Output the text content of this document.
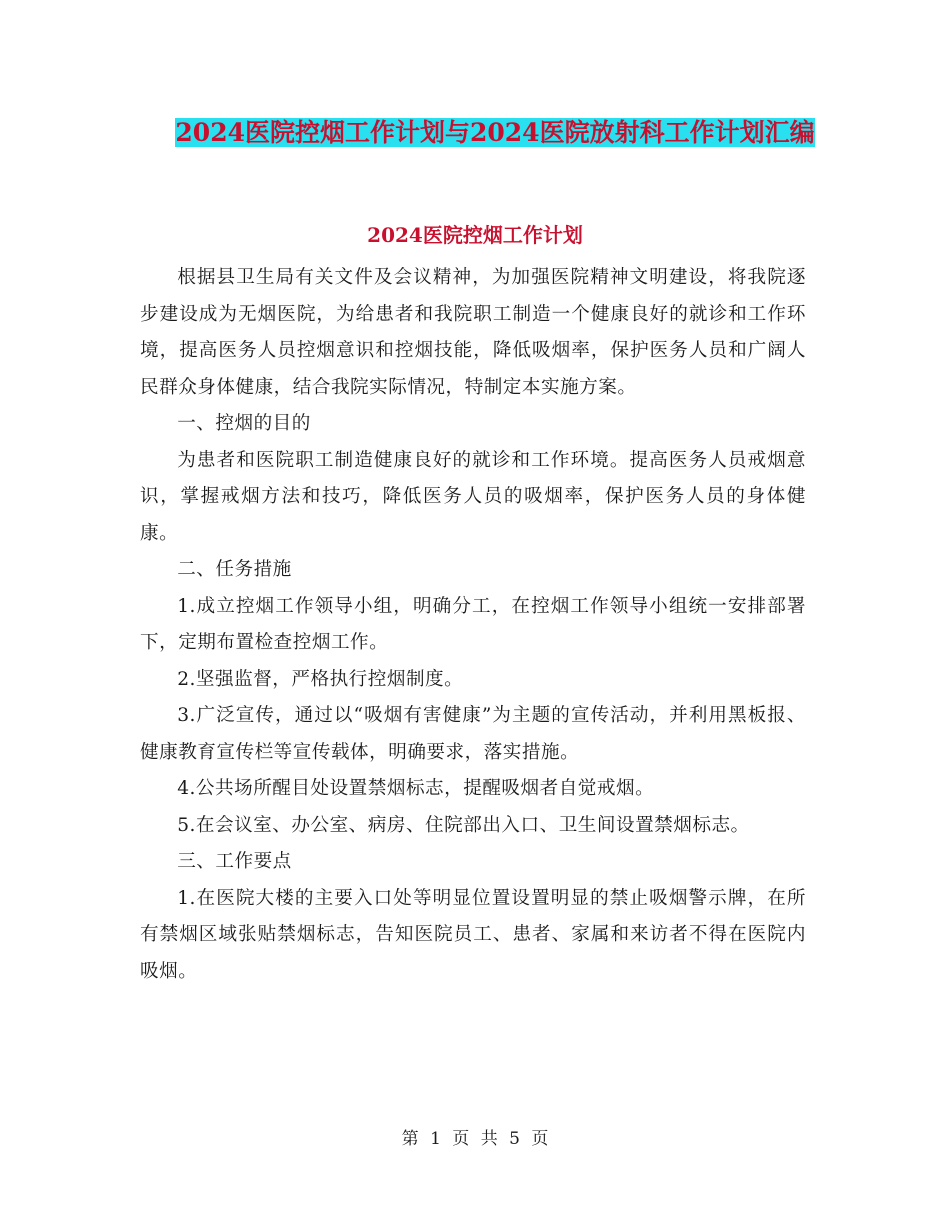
2024医院控烟工作计划与2024医院放射科工作计划汇编
2024医院控烟工作计划

根据县卫生局有关文件及会议精神，为加强医院精神文明建设，将我院逐步建设成为无烟医院，为给患者和我院职工制造一个健康良好的就诊和工作环境，提高医务人员控烟意识和控烟技能，降低吸烟率，保护医务人员和广阔人民群众身体健康，结合我院实际情况，特制定本实施方案。

一、控烟的目的

为患者和医院职工制造健康良好的就诊和工作环境。提高医务人员戒烟意识，掌握戒烟方法和技巧，降低医务人员的吸烟率，保护医务人员的身体健康。

二、任务措施

1.成立控烟工作领导小组，明确分工，在控烟工作领导小组统一安排部署下，定期布置检查控烟工作。

2.坚强监督，严格执行控烟制度。

3.广泛宣传，通过以“吸烟有害健康”为主题的宣传活动，并利用黑板报、健康教育宣传栏等宣传载体，明确要求，落实措施。

4.公共场所醒目处设置禁烟标志，提醒吸烟者自觉戒烟。

5.在会议室、办公室、病房、住院部出入口、卫生间设置禁烟标志。

三、工作要点

1.在医院大楼的主要入口处等明显位置设置明显的禁止吸烟警示牌，在所有禁烟区域张贴禁烟标志，告知医院员工、患者、家属和来访者不得在医院内吸烟。

第 1 页 共 5 页
